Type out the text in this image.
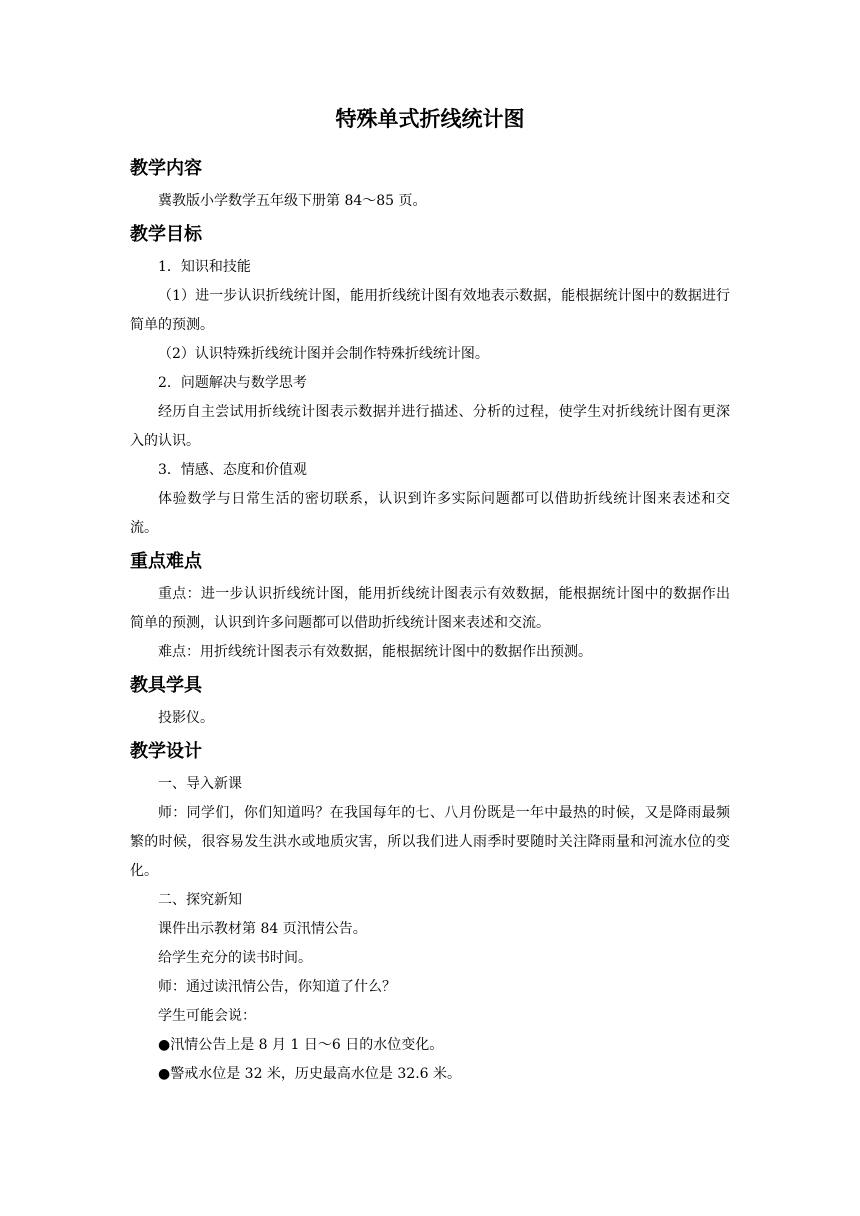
特殊单式折线统计图
教学内容

冀教版小学数学五年级下册第 84～85 页。

教学目标

1．知识和技能

（1）进一步认识折线统计图，能用折线统计图有效地表示数据，能根据统计图中的数据进行简单的预测。

（2）认识特殊折线统计图并会制作特殊折线统计图。

2．问题解决与数学思考

经历自主尝试用折线统计图表示数据并进行描述、分析的过程，使学生对折线统计图有更深入的认识。

3．情感、态度和价值观

体验数学与日常生活的密切联系，认识到许多实际问题都可以借助折线统计图来表述和交流。

重点难点

重点：进一步认识折线统计图，能用折线统计图表示有效数据，能根据统计图中的数据作出简单的预测，认识到许多问题都可以借助折线统计图来表述和交流。

难点：用折线统计图表示有效数据，能根据统计图中的数据作出预测。

教具学具

投影仪。

教学设计

一、导入新课

师：同学们，你们知道吗？在我国每年的七、八月份既是一年中最热的时候，又是降雨最频繁的时候，很容易发生洪水或地质灾害，所以我们进人雨季时要随时关注降雨量和河流水位的变化。

二、探究新知

课件出示教材第 84 页汛情公告。

给学生充分的读书时间。

师：通过读汛情公告，你知道了什么？

学生可能会说：

●汛情公告上是 8 月 1 日～6 日的水位变化。

●警戒水位是 32 米，历史最高水位是 32.6 米。
